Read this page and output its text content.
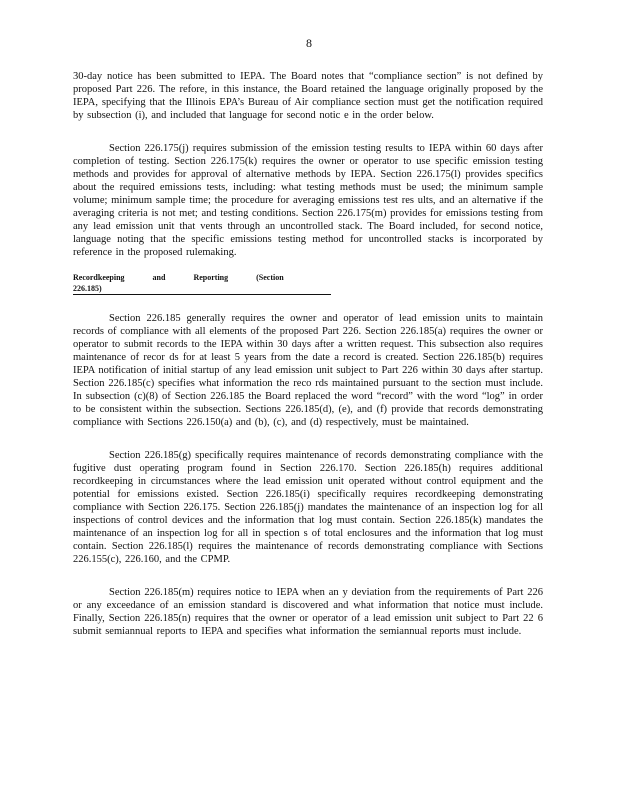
8

30-day notice has been submitted to IEPA. The Board notes that “compliance section” is not defined by proposed Part 226. The refore, in this instance, the Board retained the language originally proposed by the IEPA, specifying that the Illinois EPA’s Bureau of Air compliance section must get the notification required by subsection (i), and included that language for second notic e in the order below.

Section 226.175(j) requires submission of the emission testing results to IEPA within 60 days after completion of testing. Section 226.175(k) requires the owner or operator to use specific emission testing methods and provides for approval of alternative methods by IEPA. Section 226.175(l) provides specifics about the required emissions tests, including: what testing methods must be used; the minimum sample volume; minimum sample time; the procedure for averaging emissions test res ults, and an alternative if the averaging criteria is not met; and testing conditions. Section 226.175(m) provides for emissions testing from any lead emission unit that vents through an uncontrolled stack. The Board included, for second notice, language noting that the specific emissions testing method for uncontrolled stacks is incorporated by reference in the proposed rulemaking.

Recordkeeping and Reporting (Section 226.185)

Section 226.185 generally requires the owner and operator of lead emission units to maintain records of compliance with all elements of the proposed Part 226. Section 226.185(a) requires the owner or operator to submit records to the IEPA within 30 days after a written request. This subsection also requires maintenance of recor ds for at least 5 years from the date a record is created. Section 226.185(b) requires IEPA notification of initial startup of any lead emission unit subject to Part 226 within 30 days after startup. Section 226.185(c) specifies what information the reco rds maintained pursuant to the section must include. In subsection (c)(8) of Section 226.185 the Board replaced the word “record” with the word “log” in order to be consistent within the subsection. Sections 226.185(d), (e), and (f) provide that records demonstrating compliance with Sections 226.150(a) and (b), (c), and (d) respectively, must be maintained.

Section 226.185(g) specifically requires maintenance of records demonstrating compliance with the fugitive dust operating program found in Section 226.170. Section 226.185(h) requires additional recordkeeping in circumstances where the lead emission unit operated without control equipment and the potential for emissions existed. Section 226.185(i) specifically requires recordkeeping demonstrating compliance with Section 226.175. Section 226.185(j) mandates the maintenance of an inspection log for all inspections of control devices and the information that log must contain. Section 226.185(k) mandates the maintenance of an inspection log for all in spection s of total enclosures and the information that log must contain. Section 226.185(l) requires the maintenance of records demonstrating compliance with Sections 226.155(c), 226.160, and the CPMP.

Section 226.185(m) requires notice to IEPA when an y deviation from the requirements of Part 226 or any exceedance of an emission standard is discovered and what information that notice must include. Finally, Section 226.185(n) requires that the owner or operator of a lead emission unit subject to Part 22 6 submit semiannual reports to IEPA and specifies what information the semiannual reports must include.
